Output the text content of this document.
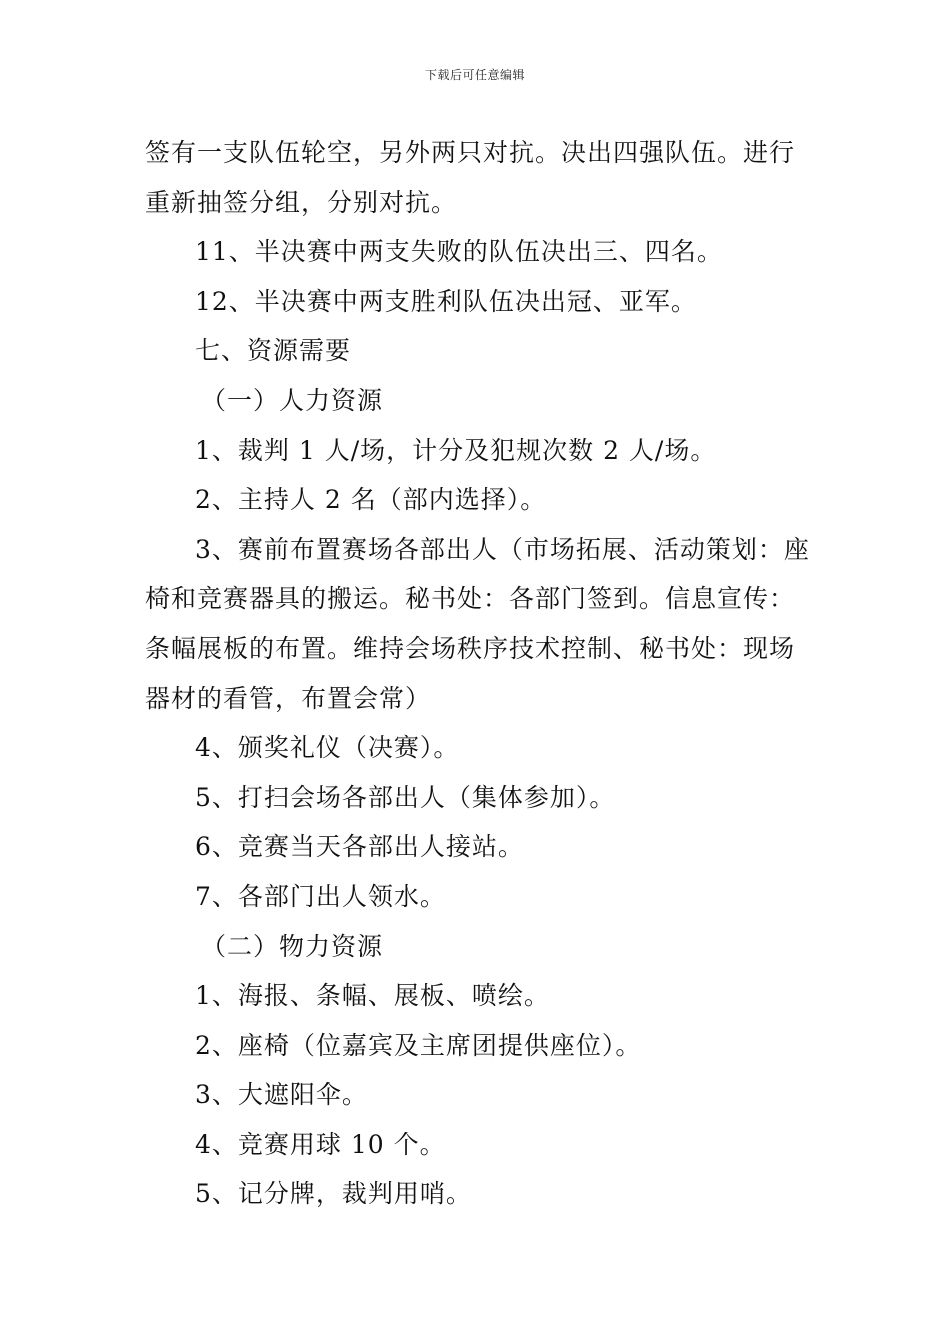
下载后可任意编辑
签有一支队伍轮空，另外两只对抗。决出四强队伍。进行
重新抽签分组，分别对抗。
11、半决赛中两支失败的队伍决出三、四名。
12、半决赛中两支胜利队伍决出冠、亚军。
七、资源需要
（一）人力资源
1、裁判 1 人/场，计分及犯规次数 2 人/场。
2、主持人 2 名（部内选择）。
3、赛前布置赛场各部出人（市场拓展、活动策划：座
椅和竞赛器具的搬运。秘书处：各部门签到。信息宣传：
条幅展板的布置。维持会场秩序技术控制、秘书处：现场
器材的看管，布置会常）
4、颁奖礼仪（决赛）。
5、打扫会场各部出人（集体参加）。
6、竞赛当天各部出人接站。
7、各部门出人领水。
（二）物力资源
1、海报、条幅、展板、喷绘。
2、座椅（位嘉宾及主席团提供座位）。
3、大遮阳伞。
4、竞赛用球 10 个。
5、记分牌，裁判用哨。
